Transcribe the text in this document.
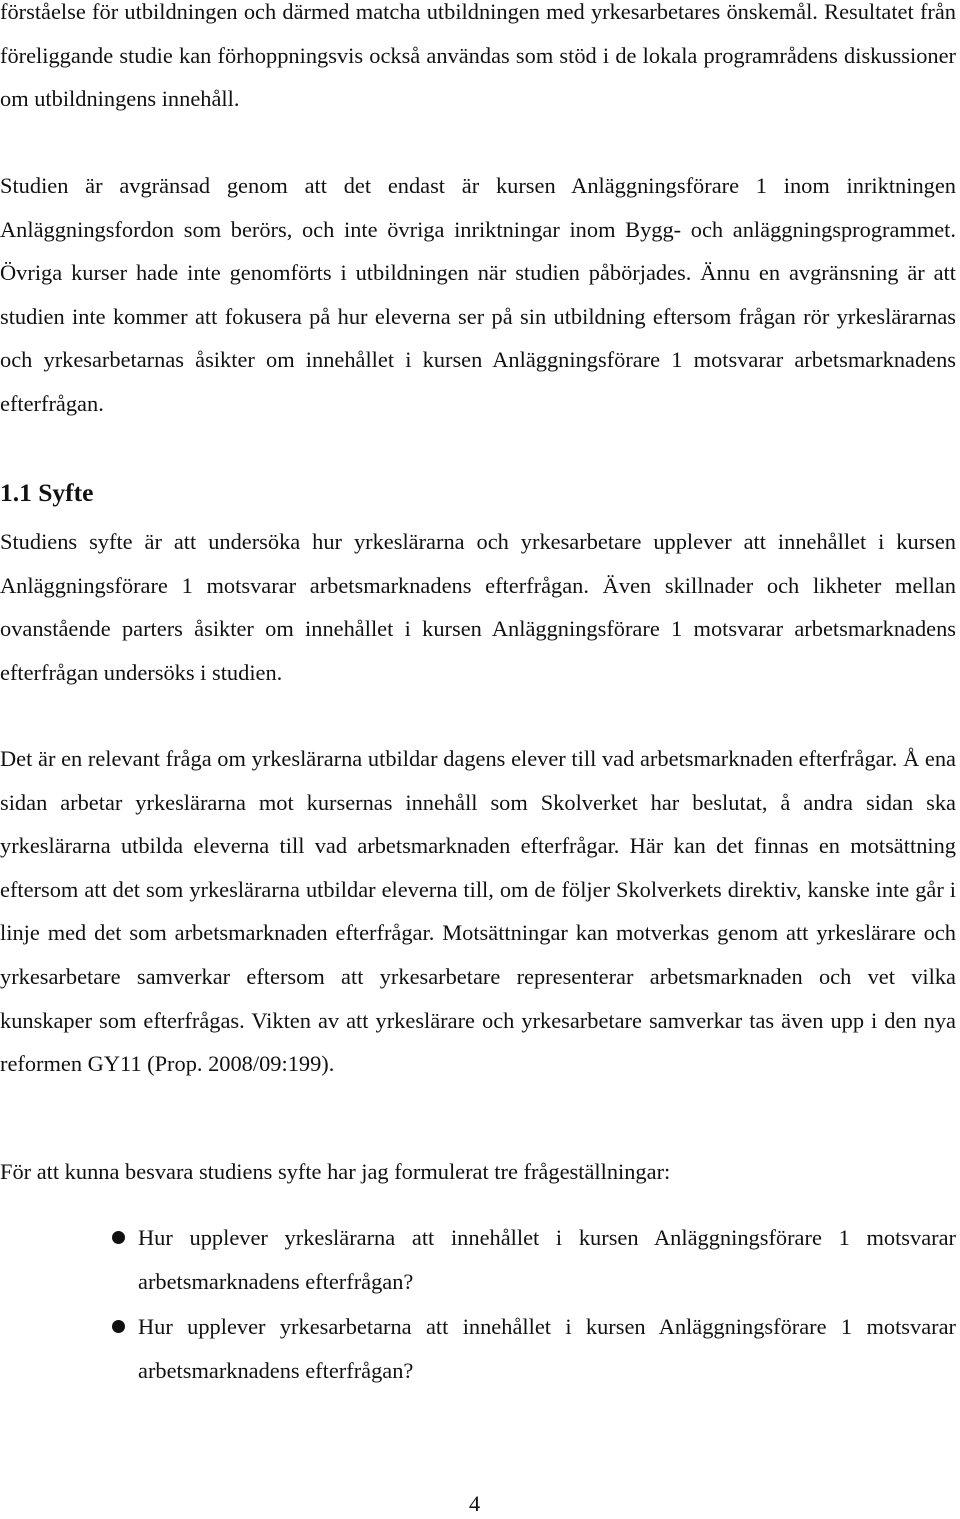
förståelse för utbildningen och därmed matcha utbildningen med yrkesarbetares önskemål. Resultatet från föreliggande studie kan förhoppningsvis också användas som stöd i de lokala programrådens diskussioner om utbildningens innehåll.

Studien är avgränsad genom att det endast är kursen Anläggningsförare 1 inom inriktningen Anläggningsfordon som berörs, och inte övriga inriktningar inom Bygg- och anläggningsprogrammet. Övriga kurser hade inte genomförts i utbildningen när studien påbörjades. Ännu en avgränsning är att studien inte kommer att fokusera på hur eleverna ser på sin utbildning eftersom frågan rör yrkeslärarnas och yrkesarbetarnas åsikter om innehållet i kursen Anläggningsförare 1 motsvarar arbetsmarknadens efterfrågan.

1.1 Syfte

Studiens syfte är att undersöka hur yrkeslärarna och yrkesarbetare upplever att innehållet i kursen Anläggningsförare 1 motsvarar arbetsmarknadens efterfrågan. Även skillnader och likheter mellan ovanstående parters åsikter om innehållet i kursen Anläggningsförare 1 motsvarar arbetsmarknadens efterfrågan undersöks i studien.

Det är en relevant fråga om yrkeslärarna utbildar dagens elever till vad arbetsmarknaden efterfrågar. Å ena sidan arbetar yrkeslärarna mot kursernas innehåll som Skolverket har beslutat, å andra sidan ska yrkeslärarna utbilda eleverna till vad arbetsmarknaden efterfrågar. Här kan det finnas en motsättning eftersom att det som yrkeslärarna utbildar eleverna till, om de följer Skolverkets direktiv, kanske inte går i linje med det som arbetsmarknaden efterfrågar. Motsättningar kan motverkas genom att yrkeslärare och yrkesarbetare samverkar eftersom att yrkesarbetare representerar arbetsmarknaden och vet vilka kunskaper som efterfrågas. Vikten av att yrkeslärare och yrkesarbetare samverkar tas även upp i den nya reformen GY11 (Prop. 2008/09:199).

För att kunna besvara studiens syfte har jag formulerat tre frågeställningar:

Hur upplever yrkeslärarna att innehållet i kursen Anläggningsförare 1 motsvarar arbetsmarknadens efterfrågan?
Hur upplever yrkesarbetarna att innehållet i kursen Anläggningsförare 1 motsvarar arbetsmarknadens efterfrågan?

4
